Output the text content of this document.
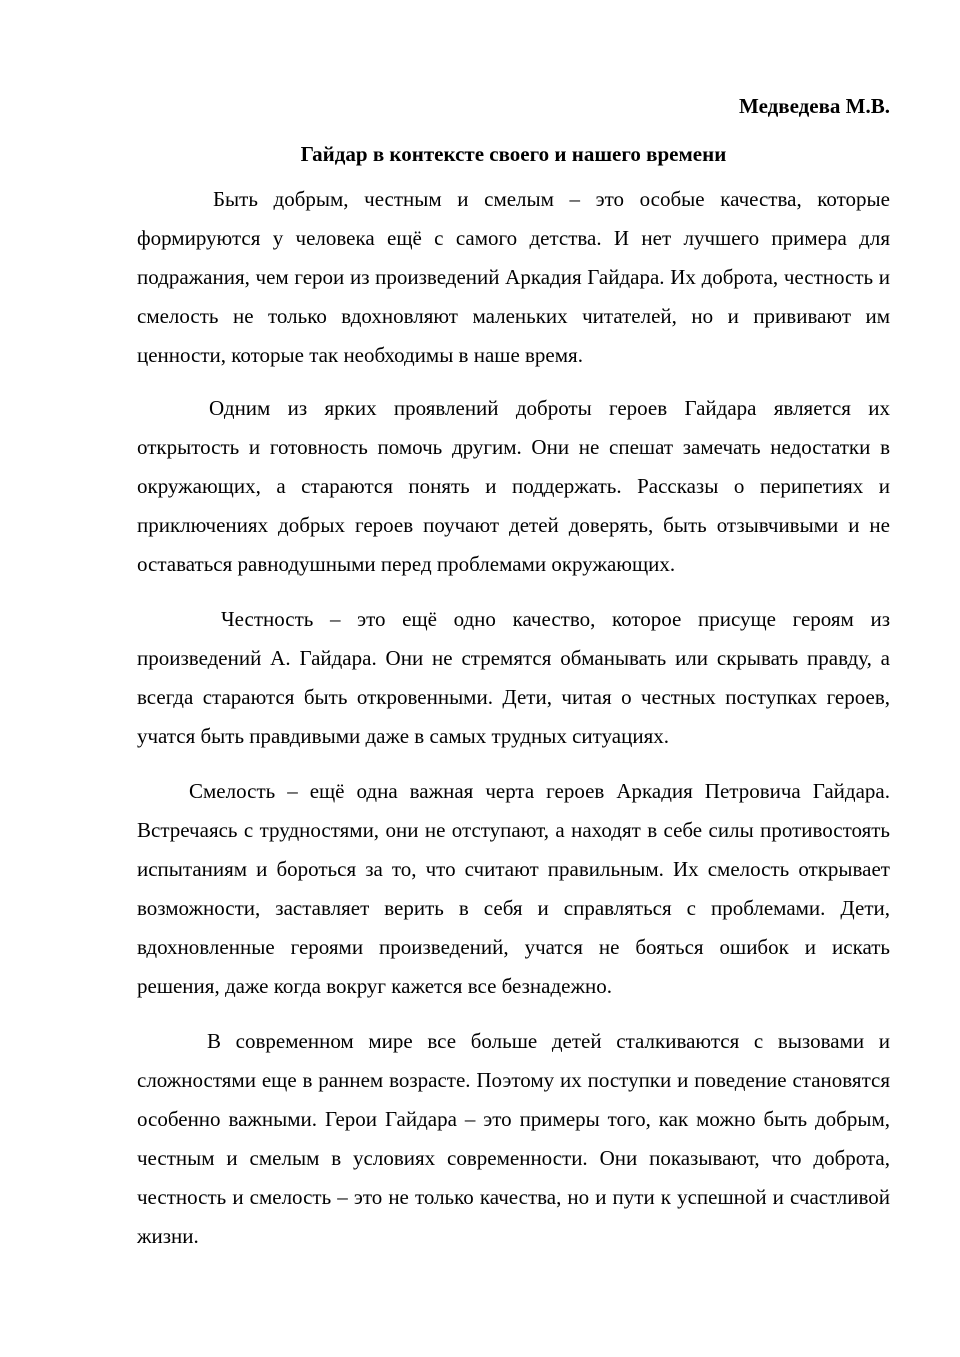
Медведева М.В.

Гайдар в контексте своего и нашего времени

Быть добрым, честным и смелым – это особые качества, которые формируются у человека ещё с самого детства. И нет лучшего примера для подражания, чем герои из произведений Аркадия Гайдара. Их доброта, честность и смелость не только вдохновляют маленьких читателей, но и прививают им ценности, которые так необходимы в наше время.

Одним из ярких проявлений доброты героев Гайдара является их открытость и готовность помочь другим. Они не спешат замечать недостатки в окружающих, а стараются понять и поддержать. Рассказы о перипетиях и приключениях добрых героев поучают детей доверять, быть отзывчивыми и не оставаться равнодушными перед проблемами окружающих.

Честность – это ещё одно качество, которое присуще героям из произведений А. Гайдара. Они не стремятся обманывать или скрывать правду, а всегда стараются быть откровенными. Дети, читая о честных поступках героев, учатся быть правдивыми даже в самых трудных ситуациях.

Смелость – ещё одна важная черта героев Аркадия Петровича Гайдара. Встречаясь с трудностями, они не отступают, а находят в себе силы противостоять испытаниям и бороться за то, что считают правильным. Их смелость открывает возможности, заставляет верить в себя и справляться с проблемами. Дети, вдохновленные героями произведений, учатся не бояться ошибок и искать решения, даже когда вокруг кажется все безнадежно.

В современном мире все больше детей сталкиваются с вызовами и сложностями еще в раннем возрасте. Поэтому их поступки и поведение становятся особенно важными. Герои Гайдара – это примеры того, как можно быть добрым, честным и смелым в условиях современности. Они показывают, что доброта, честность и смелость – это не только качества, но и пути к успешной и счастливой жизни.
